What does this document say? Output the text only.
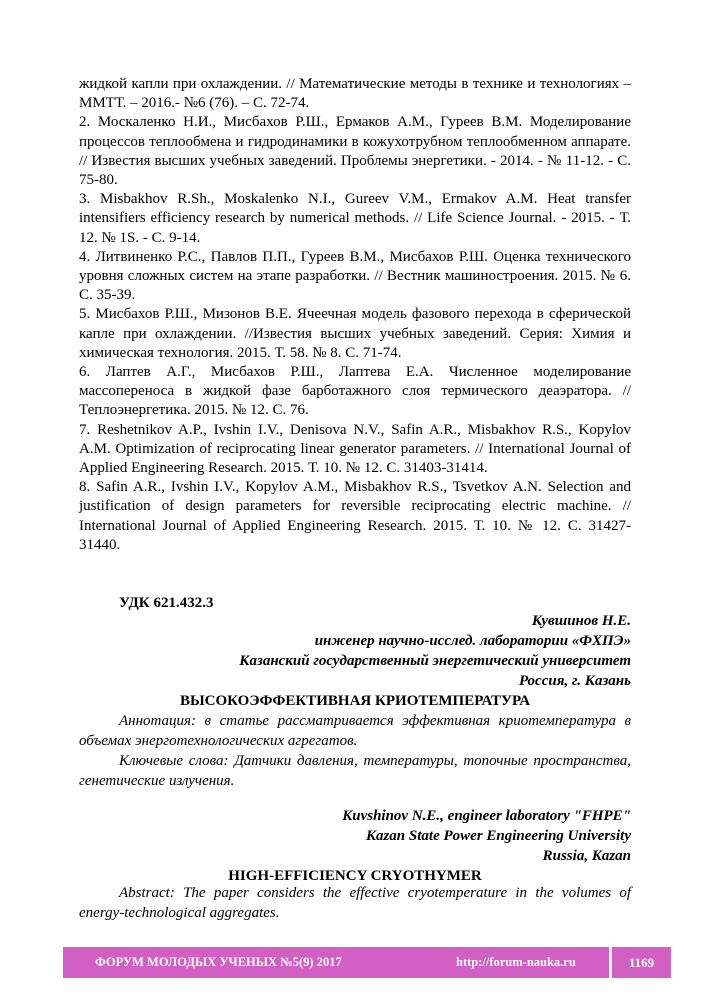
жидкой капли при охлаждении. // Математические методы в технике и технологиях – ММТТ. – 2016.- №6 (76). – С. 72-74.

2. Москаленко Н.И., Мисбахов Р.Ш., Ермаков А.М., Гуреев В.М. Моделирование процессов теплообмена и гидродинамики в кожухотрубном теплообменном аппарате. // Известия высших учебных заведений. Проблемы энергетики. - 2014. - № 11-12. - С. 75-80.

3. Misbakhov R.Sh., Moskalenko N.I., Gureev V.M., Ermakov A.M. Heat transfer intensifiers efficiency research by numerical methods. // Life Science Journal. - 2015. - Т. 12. № 1S. - С. 9-14.

4. Литвиненко Р.С., Павлов П.П., Гуреев В.М., Мисбахов Р.Ш. Оценка технического уровня сложных систем на этапе разработки. // Вестник машиностроения. 2015. № 6. С. 35-39.

5. Мисбахов Р.Ш., Мизонов В.Е. Ячеечная модель фазового перехода в сферической капле при охлаждении. //Известия высших учебных заведений. Серия: Химия и химическая технология. 2015. Т. 58. № 8. С. 71-74.

6. Лаптев А.Г., Мисбахов Р.Ш., Лаптева Е.А. Численное моделирование массопереноса в жидкой фазе барботажного слоя термического деаэратора. // Теплоэнергетика. 2015. № 12. С. 76.

7. Reshetnikov A.P., Ivshin I.V., Denisova N.V., Safin A.R., Misbakhov R.S., Kopylov A.M. Optimization of reciprocating linear generator parameters. // International Journal of Applied Engineering Research. 2015. Т. 10. № 12. С. 31403-31414.

8. Safin A.R., Ivshin I.V., Kopylov A.M., Misbakhov R.S., Tsvetkov A.N. Selection and justification of design parameters for reversible reciprocating electric machine. // International Journal of Applied Engineering Research. 2015. Т. 10. № 12. С. 31427-31440.

УДК 621.432.3
Кувшинов Н.Е.
инженер научно-исслед. лаборатории «ФХПЭ»
Казанский государственный энергетический университет
Россия, г. Казань
ВЫСОКОЭФФЕКТИВНАЯ КРИОТЕМПЕРАТУРА

Аннотация: в статье рассматривается эффективная криотемпература в объемах энерготехнологических агрегатов.

Ключевые слова: Датчики давления, температуры, топочные пространства, генетические излучения.

Kuvshinov N.E., engineer laboratory "FHPE"
Kazan State Power Engineering University
Russia, Kazan
HIGH-EFFICIENCY CRYOTHYMER

Abstract: The paper considers the effective cryotemperature in the volumes of energy-technological aggregates.

ФОРУМ МОЛОДЫХ УЧЕНЫХ №5(9) 2017	http://forum-nauka.ru	1169
